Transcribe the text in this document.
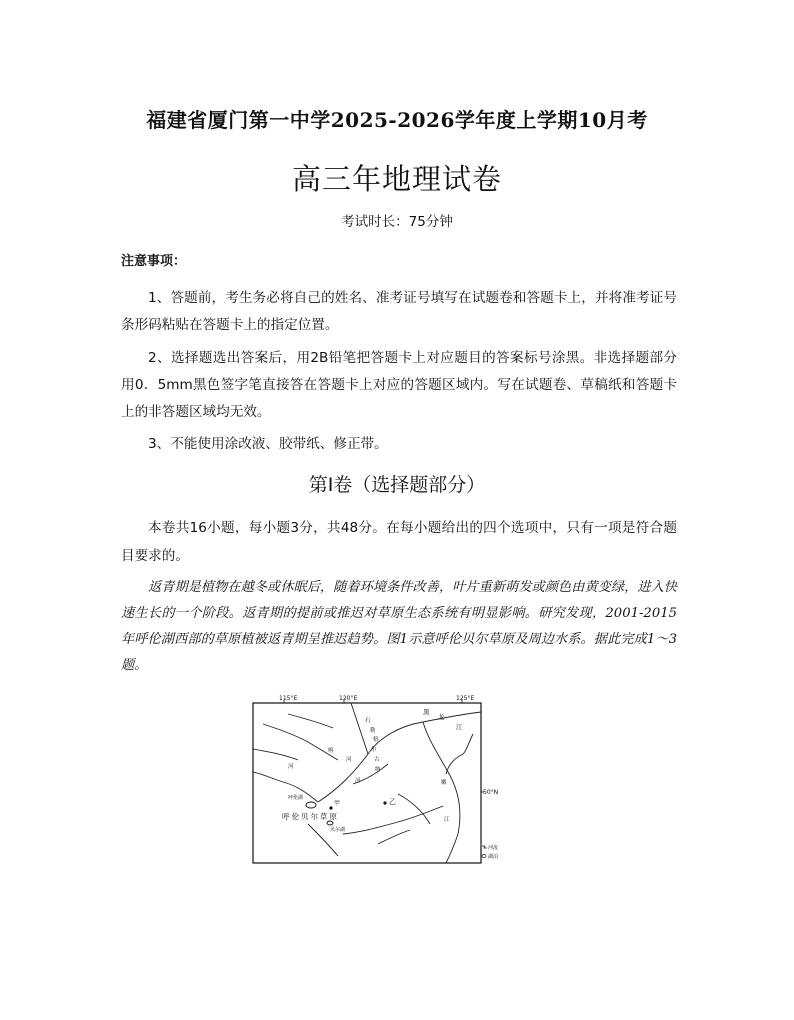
福建省厦门第一中学2025-2026学年度上学期10月考
高三年地理试卷
考试时长：75分钟
注意事项：
1、答题前，考生务必将自己的姓名、准考证号填写在试题卷和答题卡上，并将准考证号条形码粘贴在答题卡上的指定位置。
2、选择题选出答案后，用2B铅笔把答题卡上对应题目的答案标号涂黑。非选择题部分用0．5mm黑色签字笔直接答在答题卡上对应的答题区域内。写在试题卷、草稿纸和答题卡上的非答题区域均无效。
3、不能使用涂改液、胶带纸、修正带。
第Ⅰ卷（选择题部分）
本卷共16小题，每小题3分，共48分。在每小题给出的四个选项中，只有一项是符合题目要求的。
返青期是植物在越冬或休眠后，随着环境条件改善，叶片重新萌发或颜色由黄变绿，进入快速生长的一个阶段。返青期的提前或推迟对草原生态系统有明显影响。研究发现，2001-2015年呼伦湖西部的草原植被返青期呈推迟趋势。图1示意呼伦贝尔草原及周边水系。据此完成1～3题。
115°E	120°E	125°E
50°N
黑
龙
江
石
勒
喀
河
格
尔
古
纳
河
呼伦湖
甲	乙
呼伦贝尔草原
贝尔湖
嫩
江
河
河流
湖泊
